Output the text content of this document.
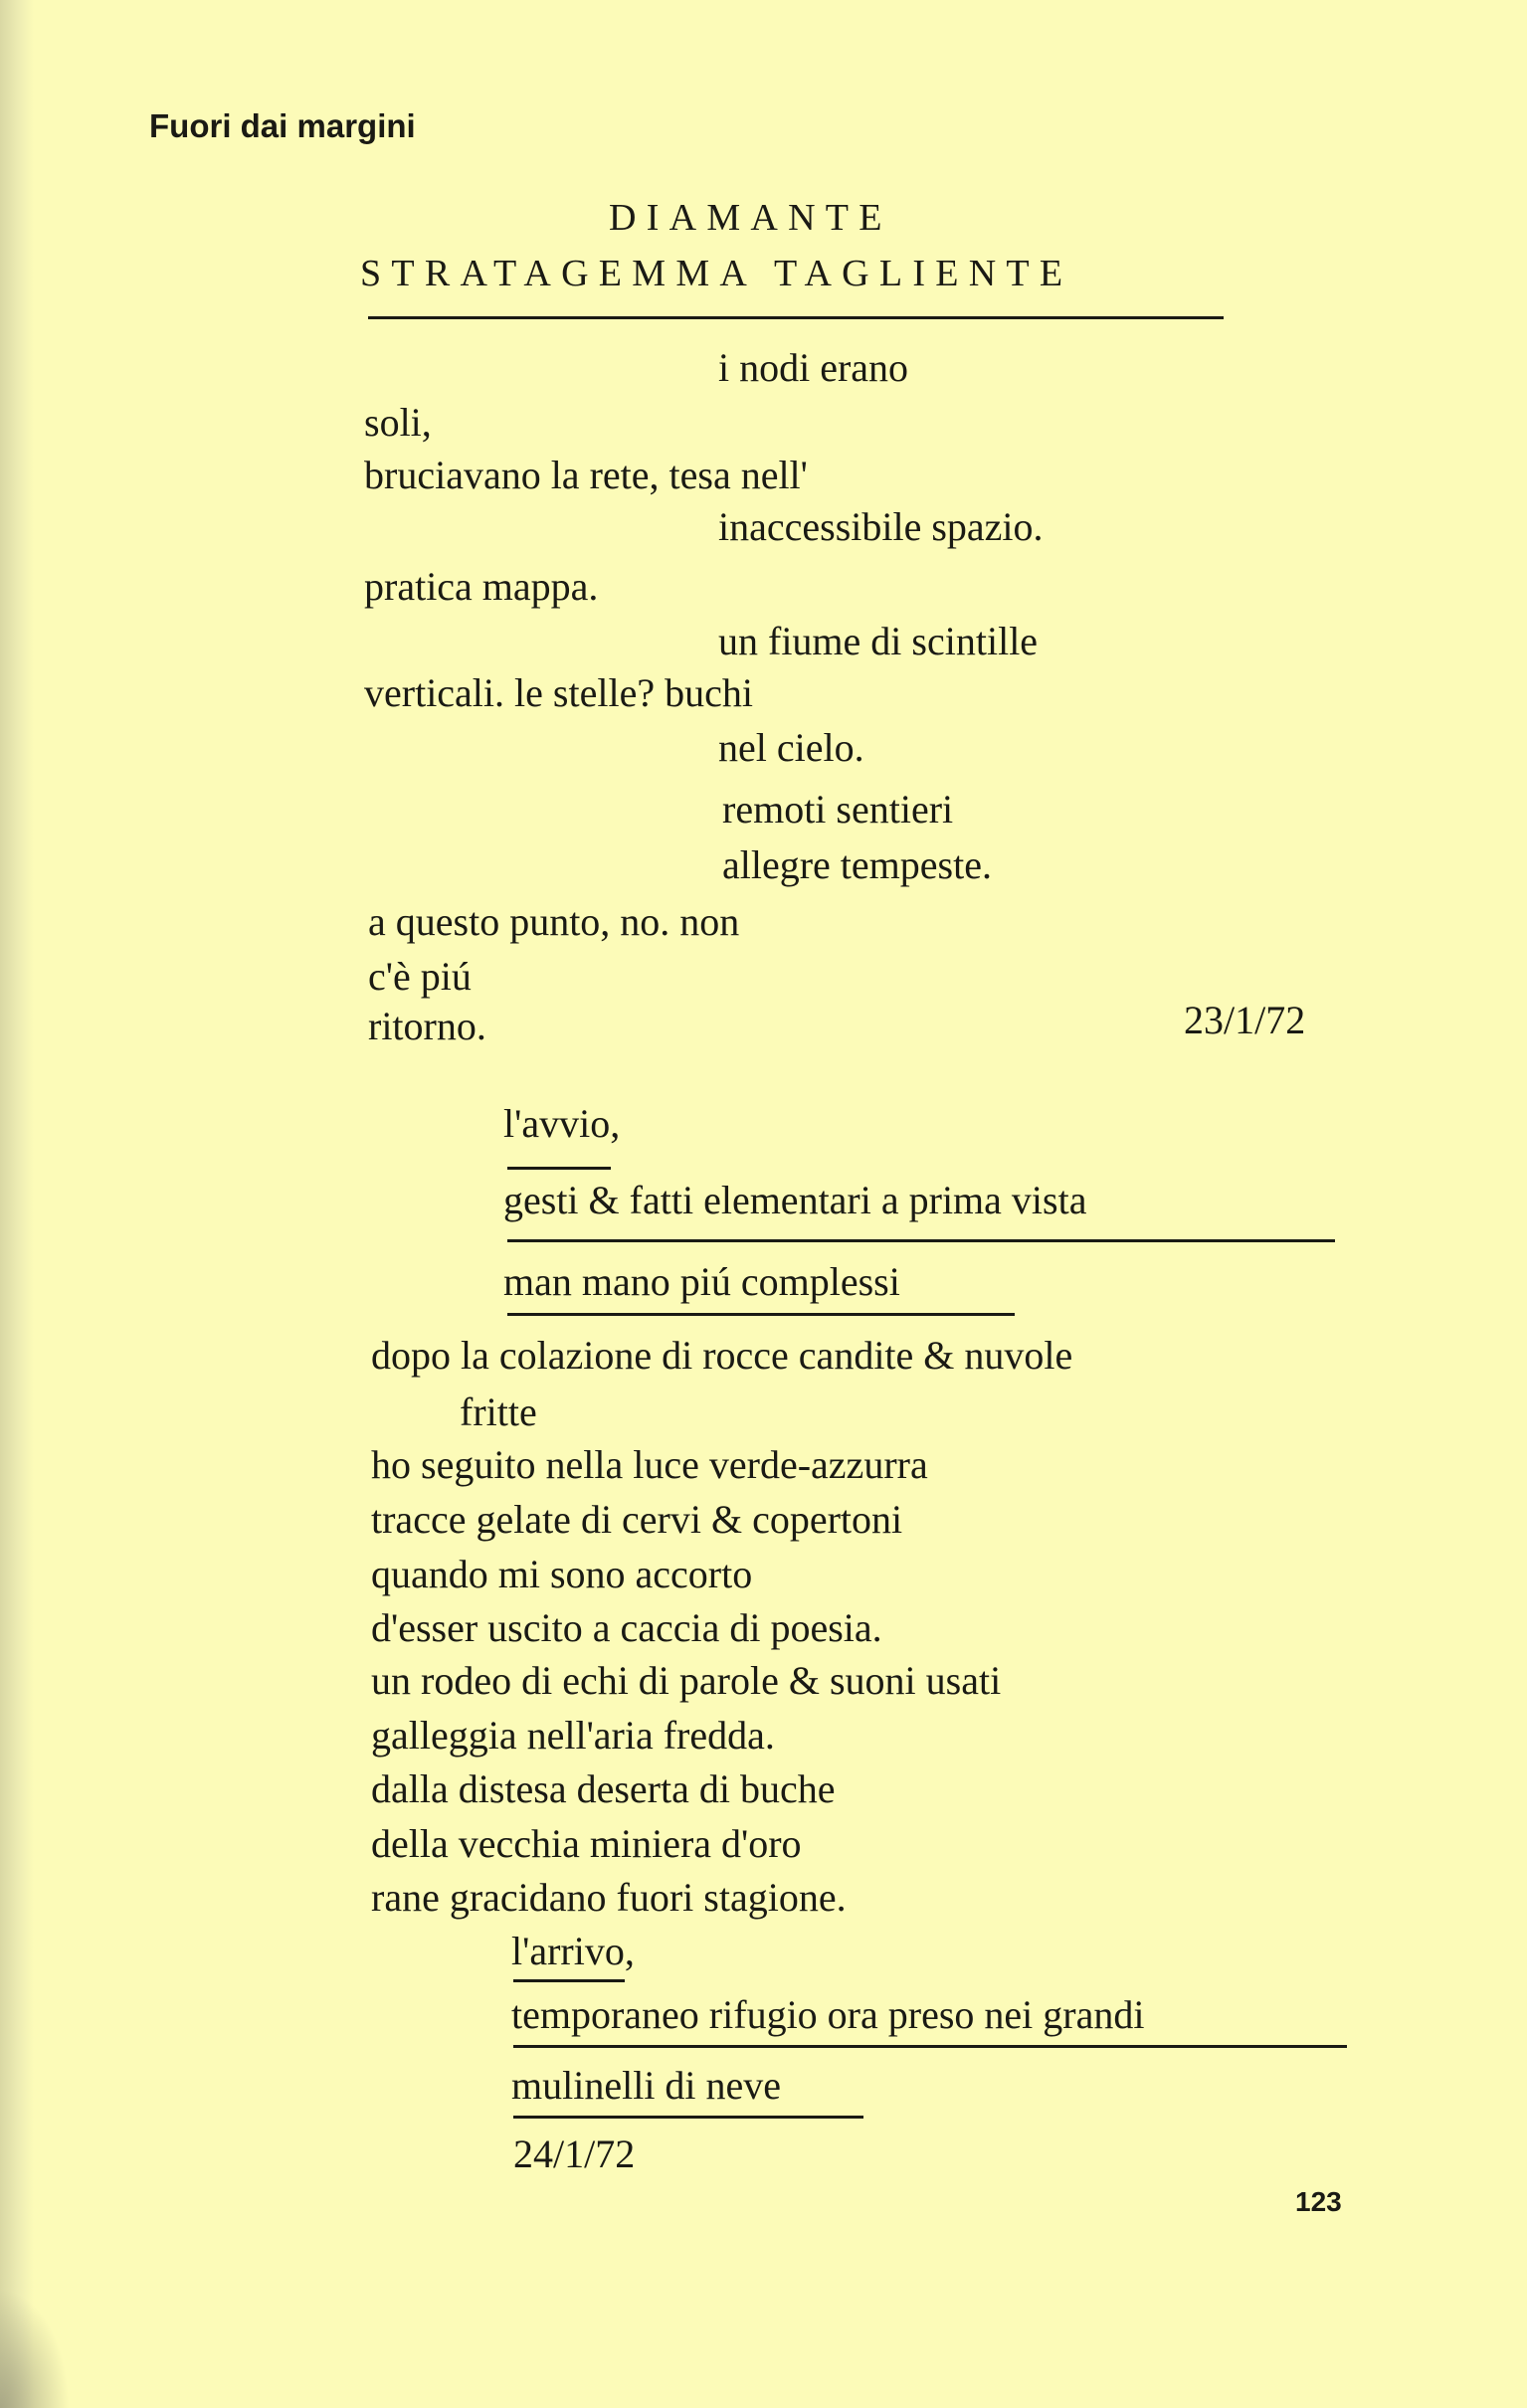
Fuori dai margini
DIAMANTE
STRATAGEMMA TAGLIENTE
i nodi erano
soli,
bruciavano la rete, tesa nell'
inaccessibile spazio.
pratica mappa.
un fiume di scintille
verticali. le stelle? buchi
nel cielo.
remoti sentieri
allegre tempeste.
a questo punto, no. non
c'è piú
ritorno.	23/1/72
l'avvio,
gesti & fatti elementari a prima vista
man mano piú complessi
dopo la colazione di rocce candite & nuvole
fritte
ho seguito nella luce verde-azzurra
tracce gelate di cervi & copertoni
quando mi sono accorto
d'esser uscito a caccia di poesia.
un rodeo di echi di parole & suoni usati
galleggia nell'aria fredda.
dalla distesa deserta di buche
della vecchia miniera d'oro
rane gracidano fuori stagione.
l'arrivo,
temporaneo rifugio ora preso nei grandi
mulinelli di neve
24/1/72
123
